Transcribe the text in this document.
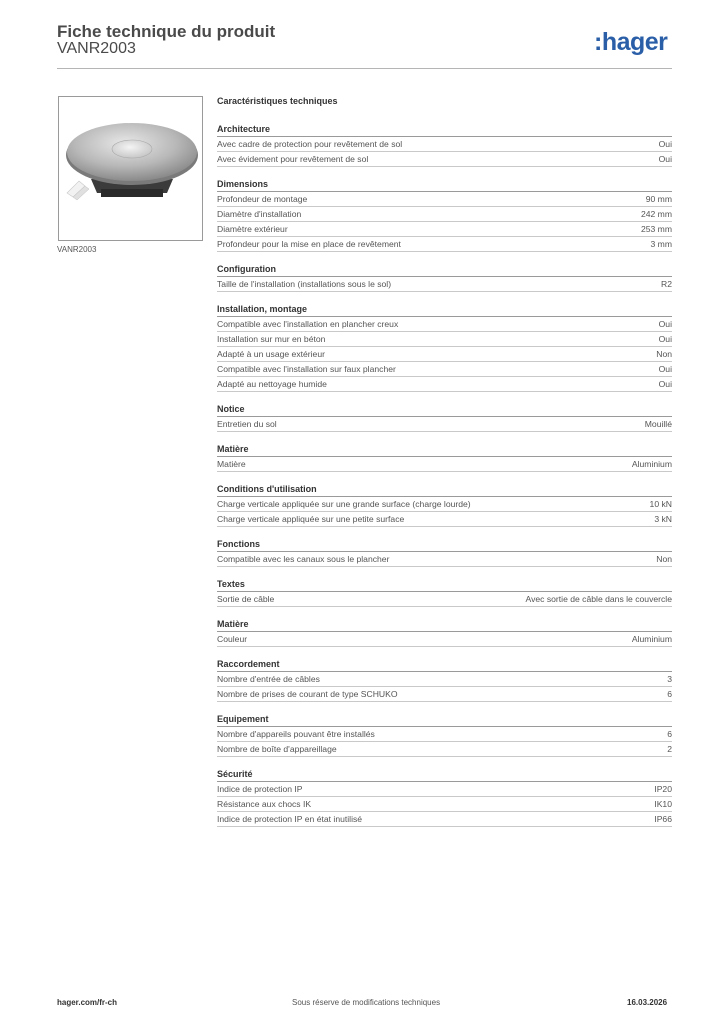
Fiche technique du produit
VANR2003	:hager
VANR2003
Caractéristiques techniques
Architecture
Avec cadre de protection pour revêtement de sol	Oui
Avec évidement pour revêtement de sol	Oui
Dimensions
Profondeur de montage	90 mm
Diamètre d'installation	242 mm
Diamètre extérieur	253 mm
Profondeur pour la mise en place de revêtement	3 mm
Configuration
Taille de l'installation (installations sous le sol)	R2
Installation, montage
Compatible avec l'installation en plancher creux	Oui
Installation sur mur en béton	Oui
Adapté à un usage extérieur	Non
Compatible avec l'installation sur faux plancher	Oui
Adapté au nettoyage humide	Oui
Notice
Entretien du sol	Mouillé
Matière
Matière	Aluminium
Conditions d'utilisation
Charge verticale appliquée sur une grande surface (charge lourde)	10 kN
Charge verticale appliquée sur une petite surface	3 kN
Fonctions
Compatible avec les canaux sous le plancher	Non
Textes
Sortie de câble	Avec sortie de câble dans le couvercle
Matière
Couleur	Aluminium
Raccordement
Nombre d'entrée de câbles	3
Nombre de prises de courant de type SCHUKO	6
Equipement
Nombre d'appareils pouvant être installés	6
Nombre de boîte d'appareillage	2
Sécurité
Indice de protection IP	IP20
Résistance aux chocs IK	IK10
Indice de protection IP en état inutilisé	IP66
hager.com/fr-ch	Sous réserve de modifications techniques	16.03.2026
